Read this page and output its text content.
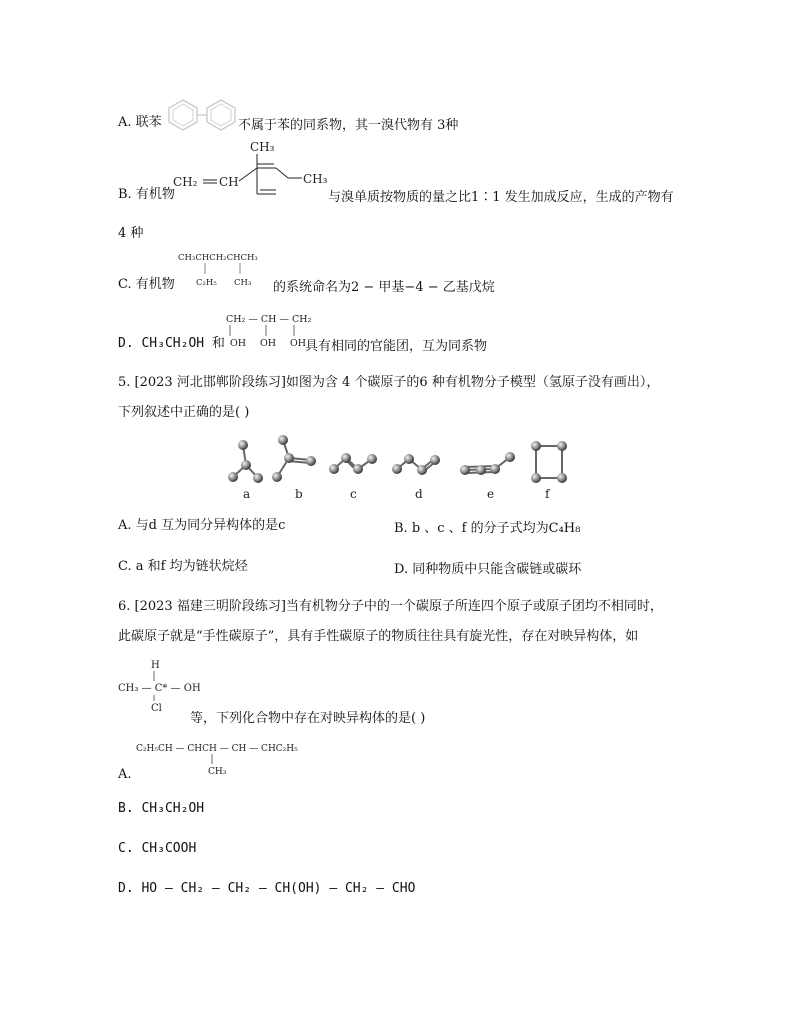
A. 联苯	不属于苯的同系物，其一溴代物有 3种
B. 有机物
CH₂ CH
CH₃
CH₃
与溴单质按物质的量之比1∶1 发生加成反应，生成的产物有
4 种
C. 有机物
CH₃CHCH₂CHCH₃
C₂H₅ CH₃ 的系统命名为2 − 甲基−4 − 乙基戊烷
D. CH₃CH₂OH 和
CH₂ — CH — CH₂
OH OH OH
具有相同的官能团，互为同系物
5. [2023 河北邯郸阶段练习]如图为含 4 个碳原子的6 种有机物分子模型（氢原子没有画出），
下列叙述中正确的是( )
a	b	c	d	e	f
A. 与d 互为同分异构体的是c	B. b 、c 、f 的分子式均为C₄H₈
C. a 和f 均为链状烷烃	D. 同种物质中只能含碳链或碳环
6. [2023 福建三明阶段练习]当有机物分子中的一个碳原子所连四个原子或原子团均不相同时，
此碳原子就是“手性碳原子”，具有手性碳原子的物质往往具有旋光性，存在对映异构体，如
H
CH₃ — C* — OH
Cl
等，下列化合物中存在对映异构体的是( )
C₂H₅CH — CHCH — CH — CHC₂H₅
CH₃
A.
B. CH₃CH₂OH
C. CH₃COOH
D. HO — CH₂ — CH₂ — CH(OH) — CH₂ — CHO
